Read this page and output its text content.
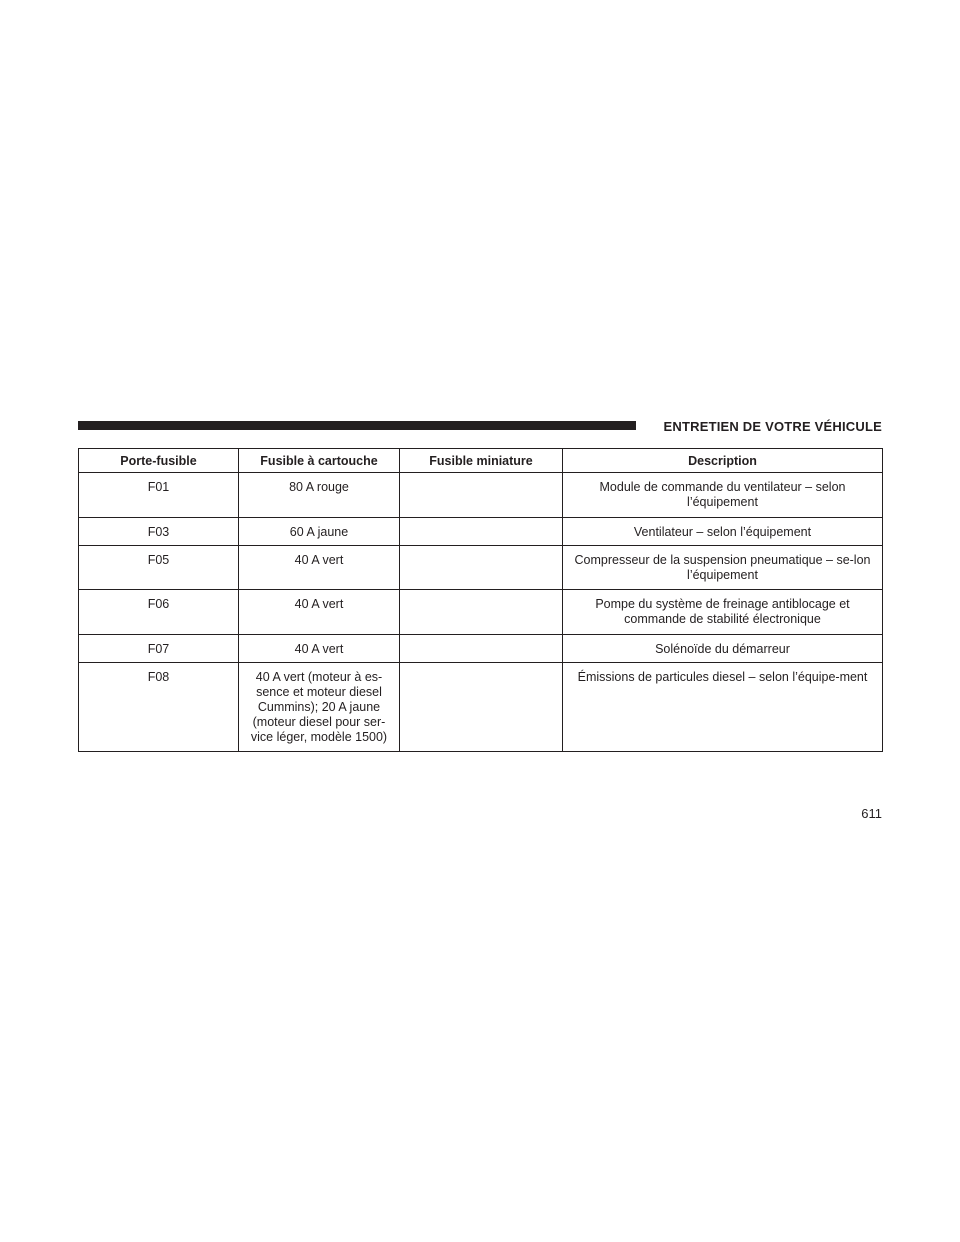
ENTRETIEN DE VOTRE VÉHICULE
Porte-fusible	Fusible à cartouche	Fusible miniature	Description
F01	80 A rouge		Module de commande du ventilateur – selon l’équipement
F03	60 A jaune		Ventilateur – selon l’équipement
F05	40 A vert		Compresseur de la suspension pneumatique – se-lon l’équipement
F06	40 A vert		Pompe du système de freinage antiblocage et commande de stabilité électronique
F07	40 A vert		Solénoïde du démarreur
F08	40 A vert (moteur à es-sence et moteur diesel Cummins); 20 A jaune (moteur diesel pour ser-vice léger, modèle 1500)		Émissions de particules diesel – selon l’équipe-ment
611
